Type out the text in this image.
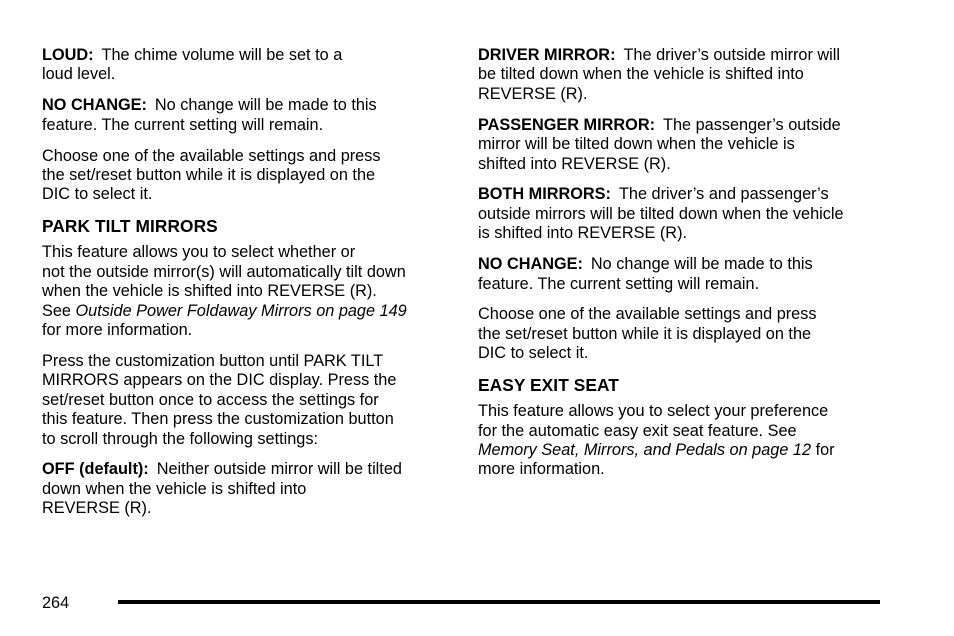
LOUD: The chime volume will be set to a
loud level.

NO CHANGE: No change will be made to this
feature. The current setting will remain.

Choose one of the available settings and press
the set/reset button while it is displayed on the
DIC to select it.

PARK TILT MIRRORS

This feature allows you to select whether or
not the outside mirror(s) will automatically tilt down
when the vehicle is shifted into REVERSE (R).
See Outside Power Foldaway Mirrors on page 149
for more information.

Press the customization button until PARK TILT
MIRRORS appears on the DIC display. Press the
set/reset button once to access the settings for
this feature. Then press the customization button
to scroll through the following settings:

OFF (default): Neither outside mirror will be tilted
down when the vehicle is shifted into
REVERSE (R).

DRIVER MIRROR: The driver’s outside mirror will
be tilted down when the vehicle is shifted into
REVERSE (R).

PASSENGER MIRROR: The passenger’s outside
mirror will be tilted down when the vehicle is
shifted into REVERSE (R).

BOTH MIRRORS: The driver’s and passenger’s
outside mirrors will be tilted down when the vehicle
is shifted into REVERSE (R).

NO CHANGE: No change will be made to this
feature. The current setting will remain.

Choose one of the available settings and press
the set/reset button while it is displayed on the
DIC to select it.

EASY EXIT SEAT

This feature allows you to select your preference
for the automatic easy exit seat feature. See
Memory Seat, Mirrors, and Pedals on page 12 for
more information.

264
